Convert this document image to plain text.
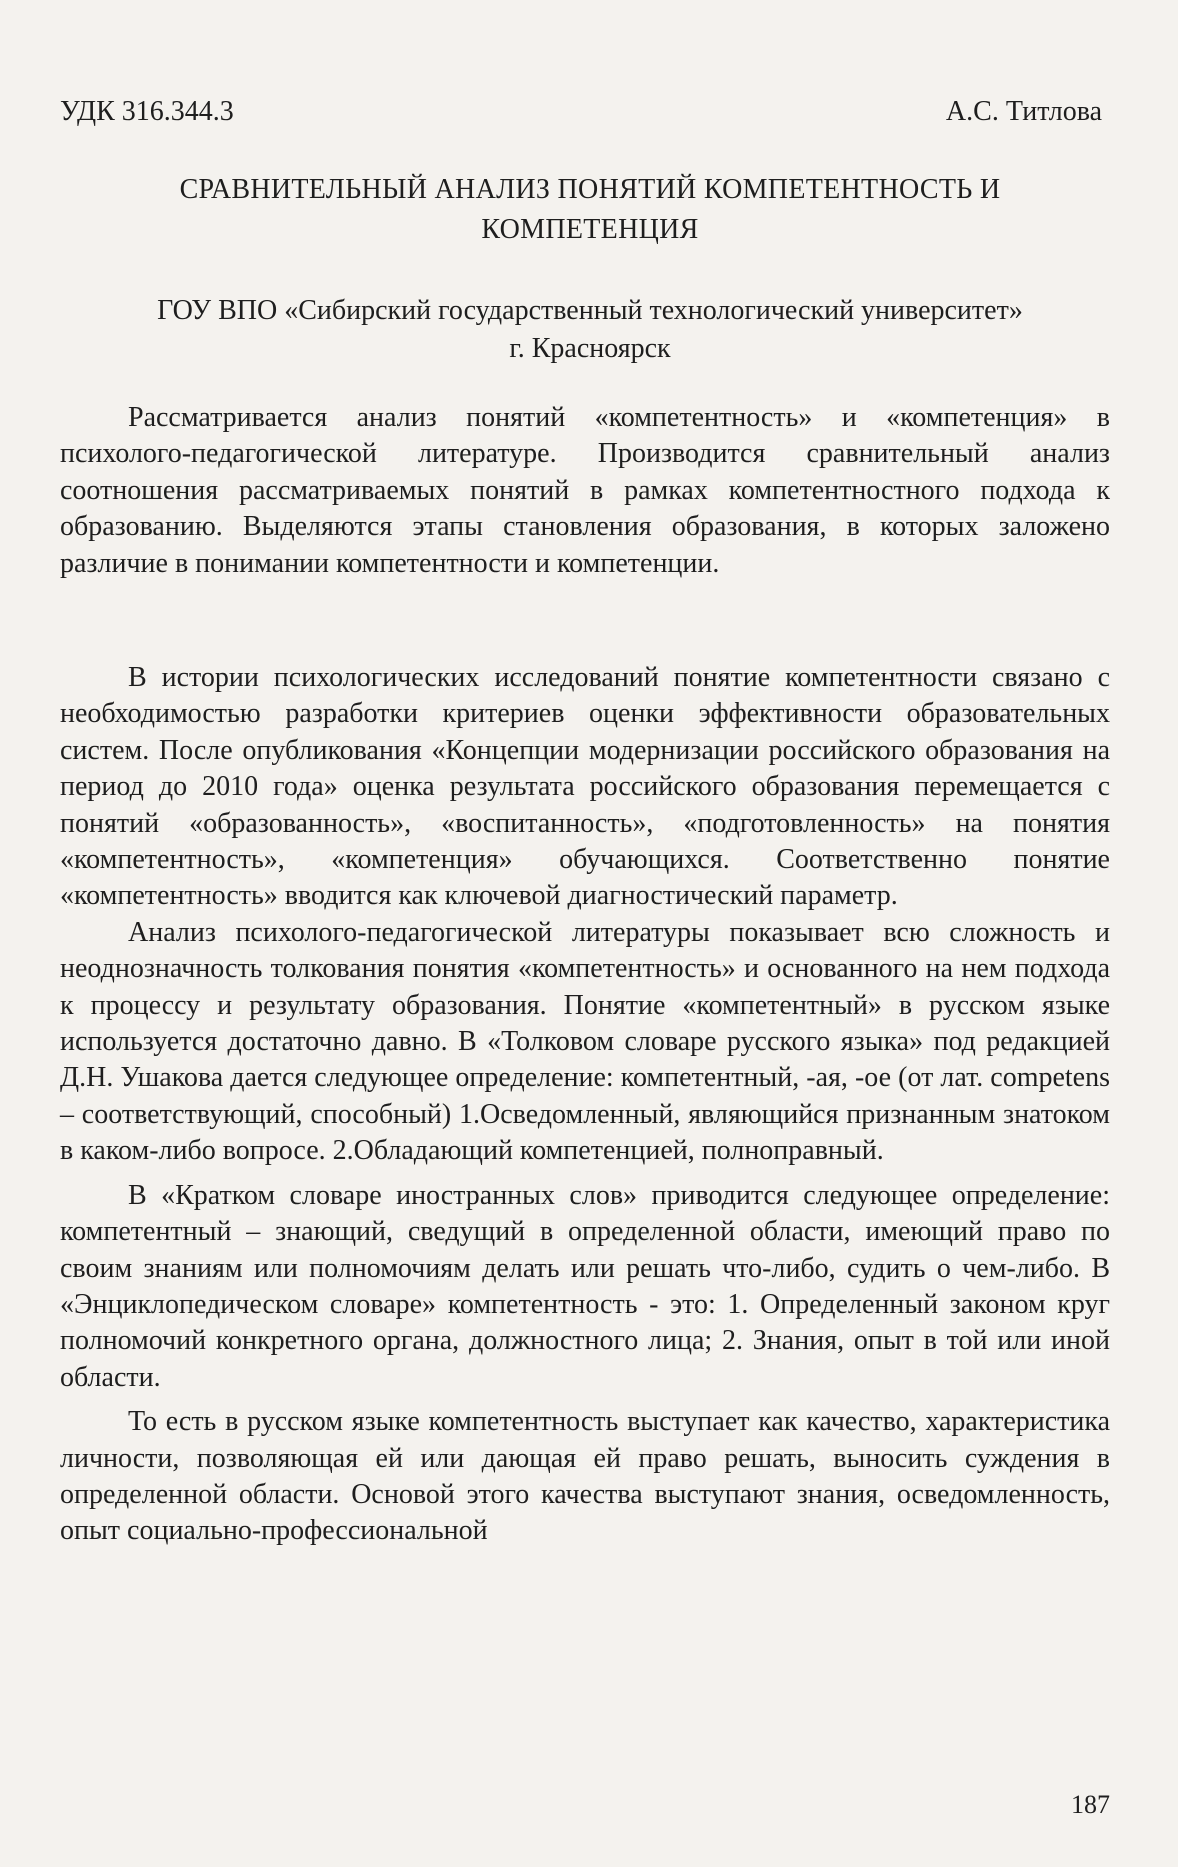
УДК 316.344.3	А.С. Титлова
СРАВНИТЕЛЬНЫЙ АНАЛИЗ ПОНЯТИЙ КОМПЕТЕНТНОСТЬ И
КОМПЕТЕНЦИЯ
ГОУ ВПО «Сибирский государственный технологический университет»
г. Красноярск

Рассматривается анализ понятий «компетентность» и «компетенция» в психолого-педагогической литературе. Производится сравнительный анализ соотношения рассматриваемых понятий в рамках компетентностного подхода к образованию. Выделяются этапы становления образования, в которых заложено различие в понимании компетентности и компетенции.

В истории психологических исследований понятие компетентности связано с необходимостью разработки критериев оценки эффективности образовательных систем. После опубликования «Концепции модернизации российского образования на период до 2010 года» оценка результата российского образования перемещается с понятий «образованность», «воспитанность», «подготовленность» на понятия «компетентность», «компетенция» обучающихся. Соответственно понятие «компетентность» вводится как ключевой диагностический параметр.

Анализ психолого-педагогической литературы показывает всю сложность и неоднозначность толкования понятия «компетентность» и основанного на нем подхода к процессу и результату образования. Понятие «компетентный» в русском языке используется достаточно давно. В «Толковом словаре русского языка» под редакцией Д.Н. Ушакова дается следующее определение: компетентный, -ая, -ое (от лат. competens – соответствующий, способный) 1.Осведомленный, являющийся признанным знатоком в каком-либо вопросе. 2.Обладающий компетенцией, полноправный.

В «Кратком словаре иностранных слов» приводится следующее определение: компетентный – знающий, сведущий в определенной области, имеющий право по своим знаниям или полномочиям делать или решать что-либо, судить о чем-либо. В «Энциклопедическом словаре» компетентность - это: 1. Определенный законом круг полномочий конкретного органа, должностного лица; 2. Знания, опыт в той или иной области.

То есть в русском языке компетентность выступает как качество, характеристика личности, позволяющая ей или дающая ей право решать, выносить суждения в определенной области. Основой этого качества выступают знания, осведомленность, опыт социально-профессиональной

187
